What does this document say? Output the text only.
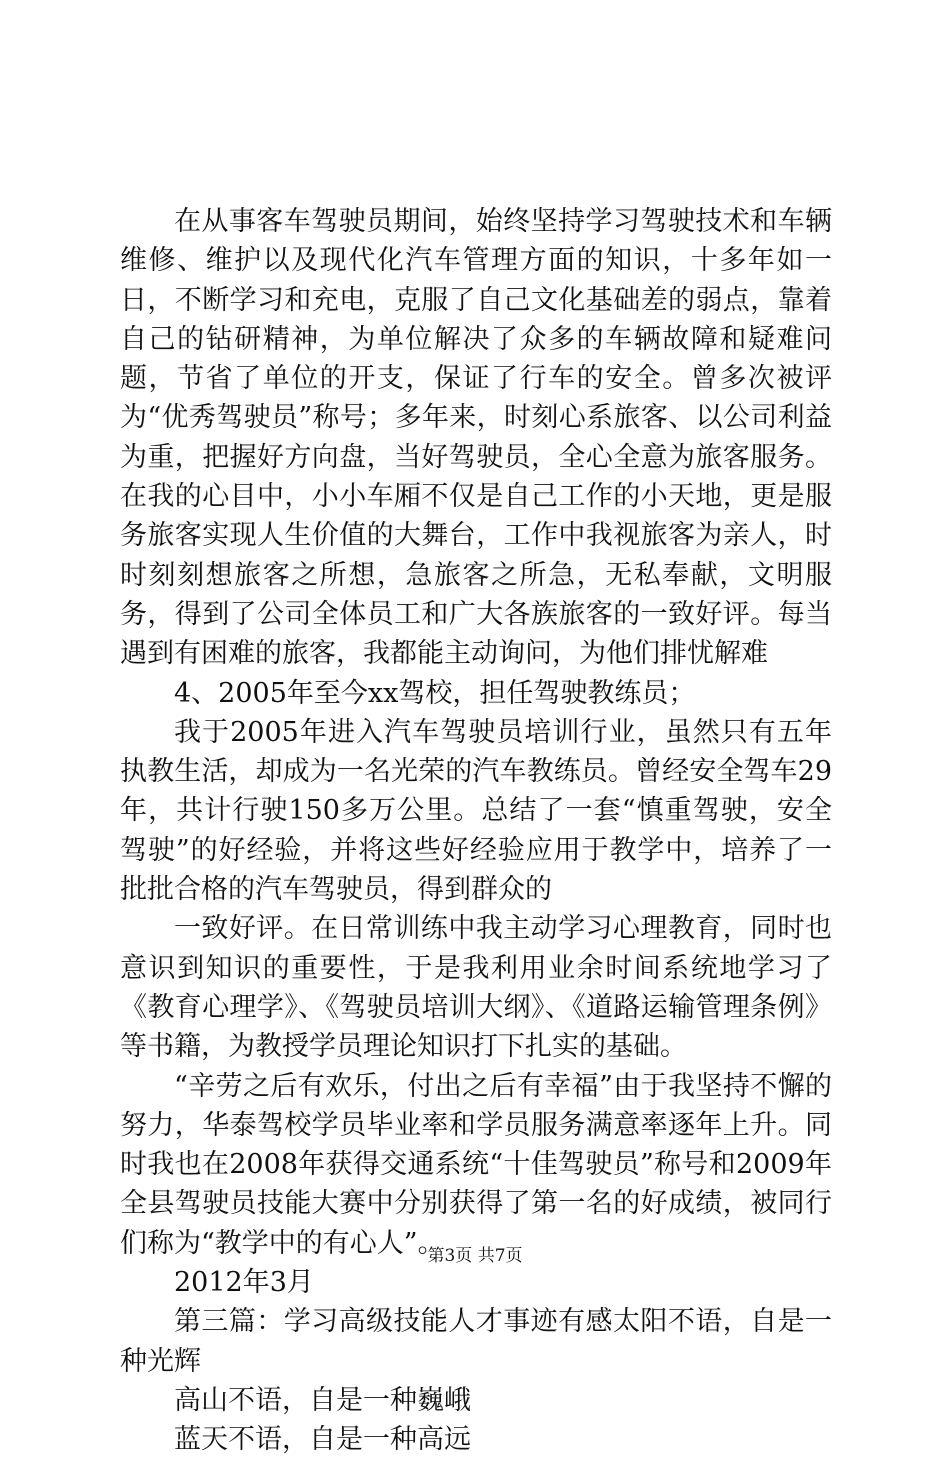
在从事客车驾驶员期间，始终坚持学习驾驶技术和车辆维修、维护以及现代化汽车管理方面的知识，十多年如一日，不断学习和充电，克服了自己文化基础差的弱点，靠着自己的钻研精神，为单位解决了众多的车辆故障和疑难问题，节省了单位的开支，保证了行车的安全。曾多次被评为“优秀驾驶员”称号；多年来，时刻心系旅客、以公司利益为重，把握好方向盘，当好驾驶员，全心全意为旅客服务。在我的心目中，小小车厢不仅是自己工作的小天地，更是服务旅客实现人生价值的大舞台，工作中我视旅客为亲人，时时刻刻想旅客之所想，急旅客之所急，无私奉献，文明服务，得到了公司全体员工和广大各族旅客的一致好评。每当遇到有困难的旅客，我都能主动询问，为他们排忧解难

4、2005年至今xx驾校，担任驾驶教练员；

我于2005年进入汽车驾驶员培训行业，虽然只有五年执教生活，却成为一名光荣的汽车教练员。曾经安全驾车29年，共计行驶150多万公里。总结了一套“慎重驾驶，安全驾驶”的好经验，并将这些好经验应用于教学中，培养了一批批合格的汽车驾驶员，得到群众的

一致好评。在日常训练中我主动学习心理教育，同时也意识到知识的重要性，于是我利用业余时间系统地学习了《教育心理学》、《驾驶员培训大纲》、《道路运输管理条例》等书籍，为教授学员理论知识打下扎实的基础。

“辛劳之后有欢乐，付出之后有幸福”由于我坚持不懈的努力，华泰驾校学员毕业率和学员服务满意率逐年上升。同时我也在2008年获得交通系统“十佳驾驶员”称号和2009年全县驾驶员技能大赛中分别获得了第一名的好成绩，被同行们称为“教学中的有心人”。

2012年3月

第三篇：学习高级技能人才事迹有感太阳不语，自是一种光辉

高山不语，自是一种巍峨

蓝天不语，自是一种高远

第3页 共7页
